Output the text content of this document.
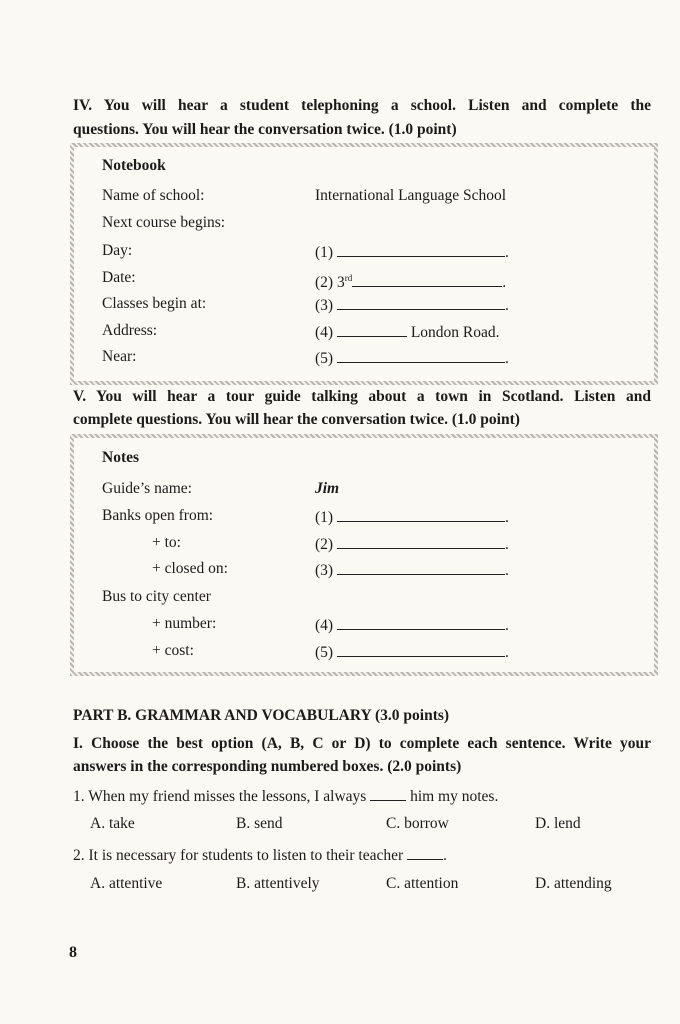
IV. You will hear a student telephoning a school. Listen and complete the
questions. You will hear the conversation twice. (1.0 point)
Notebook
Name of school:	International Language School
Next course begins:
Day:	(1)	.
Date:	(2) 3rd	.
Classes begin at:	(3)	.
Address:	(4)	London Road.
Near:	(5)	.
V. You will hear a tour guide talking about a town in Scotland. Listen and
complete questions. You will hear the conversation twice. (1.0 point)
Notes
Guide’s name:	Jim
Banks open from:	(1)	.
+ to:	(2)	.
+ closed on:	(3)	.
Bus to city center
+ number:	(4)	.
+ cost:	(5)	.
PART B. GRAMMAR AND VOCABULARY (3.0 points)
I. Choose the best option (A, B, C or D) to complete each sentence. Write your
answers in the corresponding numbered boxes. (2.0 points)
1. When my friend misses the lessons, I always	him my notes.
A. take	B. send	C. borrow	D. lend
2. It is necessary for students to listen to their teacher	.
A. attentive	B. attentively	C. attention	D. attending
8
